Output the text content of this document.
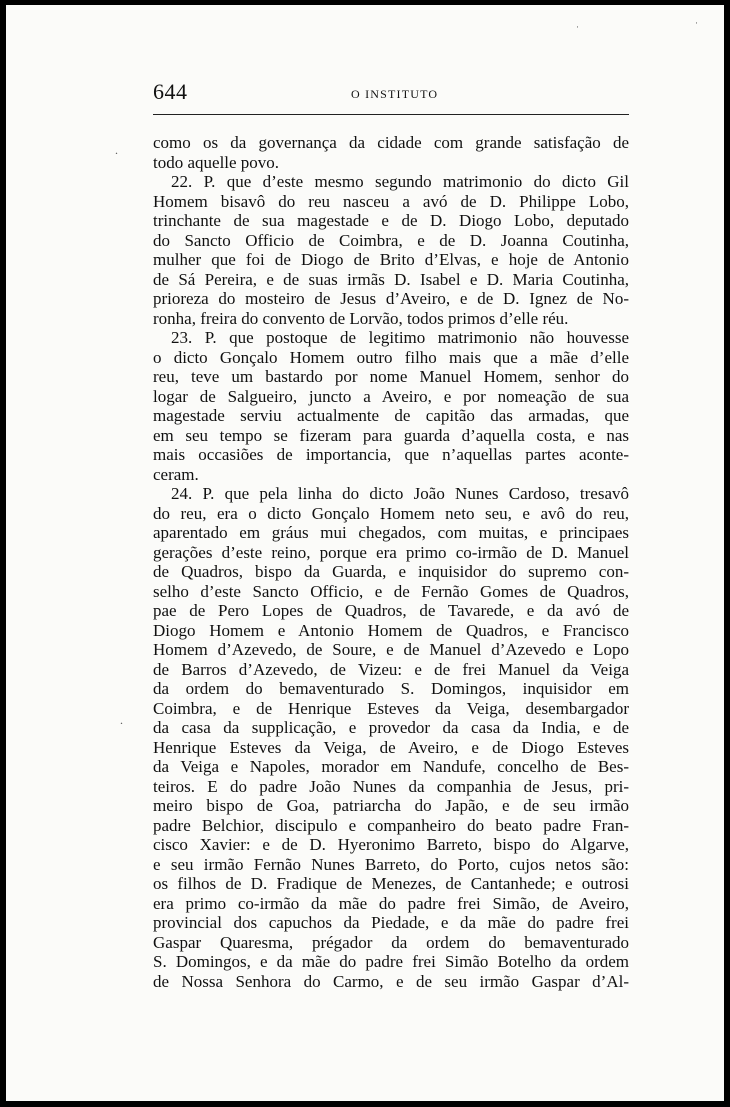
644	O INSTITUTO
como os da governança da cidade com grande satisfação de
todo aquelle povo.
22. P. que d’este mesmo segundo matrimonio do dicto Gil
Homem bisavô do reu nasceu a avó de D. Philippe Lobo,
trinchante de sua magestade e de D. Diogo Lobo, deputado
do Sancto Officio de Coimbra, e de D. Joanna Coutinha,
mulher que foi de Diogo de Brito d’Elvas, e hoje de Antonio
de Sá Pereira, e de suas irmãs D. Isabel e D. Maria Coutinha,
prioreza do mosteiro de Jesus d’Aveiro, e de D. Ignez de No-
ronha, freira do convento de Lorvão, todos primos d’elle réu.
23. P. que postoque de legitimo matrimonio não houvesse
o dicto Gonçalo Homem outro filho mais que a mãe d’elle
reu, teve um bastardo por nome Manuel Homem, senhor do
logar de Salgueiro, juncto a Aveiro, e por nomeação de sua
magestade serviu actualmente de capitão das armadas, que
em seu tempo se fizeram para guarda d’aquella costa, e nas
mais occasiões de importancia, que n’aquellas partes aconte-
ceram.
24. P. que pela linha do dicto João Nunes Cardoso, tresavô
do reu, era o dicto Gonçalo Homem neto seu, e avô do reu,
aparentado em gráus mui chegados, com muitas, e principaes
gerações d’este reino, porque era primo co-irmão de D. Manuel
de Quadros, bispo da Guarda, e inquisidor do supremo con-
selho d’este Sancto Officio, e de Fernão Gomes de Quadros,
pae de Pero Lopes de Quadros, de Tavarede, e da avó de
Diogo Homem e Antonio Homem de Quadros, e Francisco
Homem d’Azevedo, de Soure, e de Manuel d’Azevedo e Lopo
de Barros d’Azevedo, de Vizeu: e de frei Manuel da Veiga
da ordem do bemaventurado S. Domingos, inquisidor em
Coimbra, e de Henrique Esteves da Veiga, desembargador
da casa da supplicação, e provedor da casa da India, e de
Henrique Esteves da Veiga, de Aveiro, e de Diogo Esteves
da Veiga e Napoles, morador em Nandufe, concelho de Bes-
teiros. E do padre João Nunes da companhia de Jesus, pri-
meiro bispo de Goa, patriarcha do Japão, e de seu irmão
padre Belchior, discipulo e companheiro do beato padre Fran-
cisco Xavier: e de D. Hyeronimo Barreto, bispo do Algarve,
e seu irmão Fernão Nunes Barreto, do Porto, cujos netos são:
os filhos de D. Fradique de Menezes, de Cantanhede; e outrosi
era primo co-irmão da mãe do padre frei Simão, de Aveiro,
provincial dos capuchos da Piedade, e da mãe do padre frei
Gaspar Quaresma, prégador da ordem do bemaventurado
S. Domingos, e da mãe do padre frei Simão Botelho da ordem
de Nossa Senhora do Carmo, e de seu irmão Gaspar d’Al-
.
.
·	·
